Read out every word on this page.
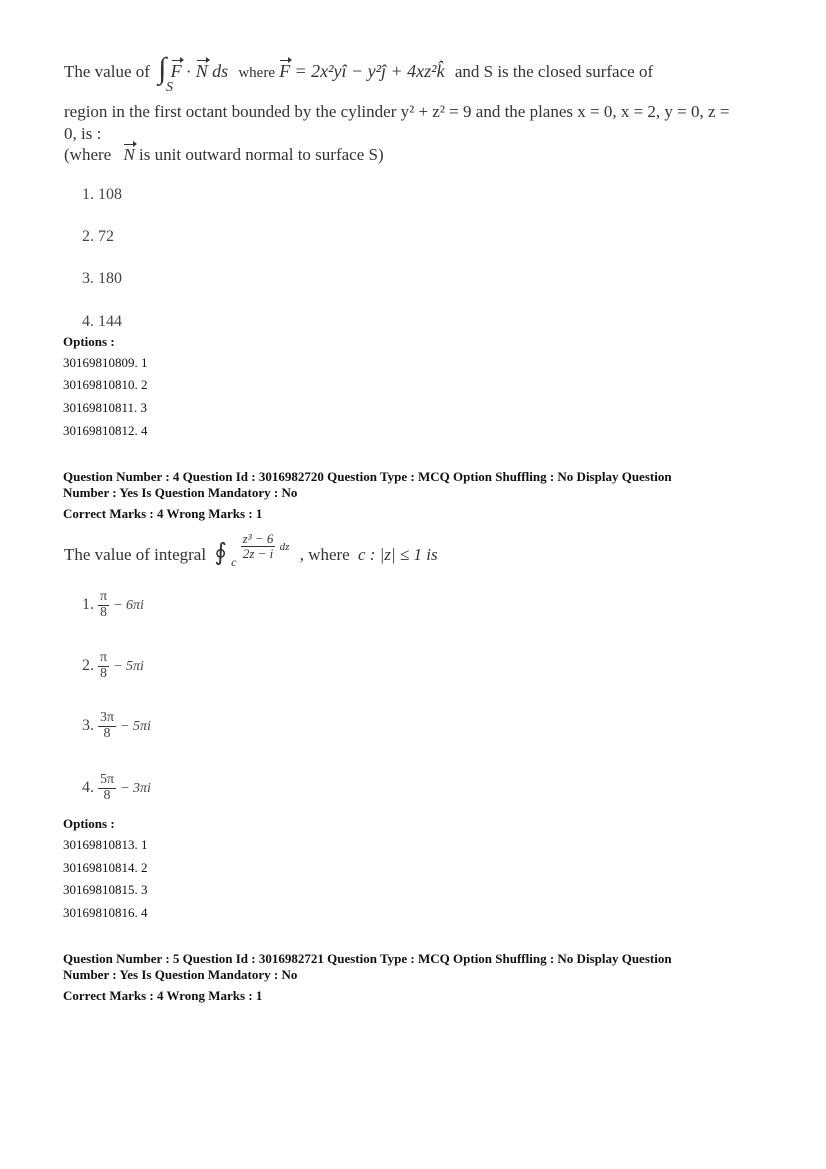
The value of ∫
S
F · N ds where F = 2x²yî − y²ĵ + 4xz²k̂ and S is the closed surface of
region in the first octant bounded by the cylinder y² + z² = 9 and the planes x = 0, x = 2, y = 0, z =
0, is :
(where N is unit outward normal to surface S)
1. 108
2. 72
3. 180
4. 144
Options :
30169810809. 1
30169810810. 2
30169810811. 3
30169810812. 4
Question Number : 4 Question Id : 3016982720 Question Type : MCQ Option Shuffling : No Display Question
Number : Yes Is Question Mandatory : No
Correct Marks : 4 Wrong Marks : 1
The value of integral ∮ $_c$
$\frac{\text{z³ − 6}}{2z - i}$ dz , where c : |z| ≤ 1 is
1. $\frac{\pi}{8} - 6\pi i$
2. $\frac{\pi}{8} - 5\pi i$
3. $\frac{3\pi}{8} - 5\pi i$
4. $\frac{5\pi}{8} - 3\pi i$
Options :
30169810813. 1
30169810814. 2
30169810815. 3
30169810816. 4
Question Number : 5 Question Id : 3016982721 Question Type : MCQ Option Shuffling : No Display Question
Number : Yes Is Question Mandatory : No
Correct Marks : 4 Wrong Marks : 1
